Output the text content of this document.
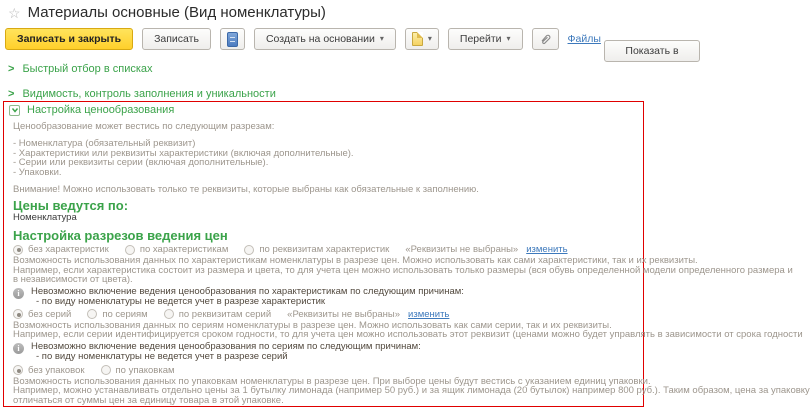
☆ Материалы основные (Вид номенклатуры)
Записать и закрыть	Записать	Создать на основании ▾	▾	Перейти ▾	Файлы
Показать в
> Быстрый отбор в списках
> Видимость, контроль заполнения и уникальности
Настройка ценообразования
Ценообразование может вестись по следующим разрезам:
- Номенклатура (обязательный реквизит)
- Характеристики или реквизиты характеристики (включая дополнительные).
- Серии или реквизиты серии (включая дополнительные).
- Упаковки.
Внимание! Можно использовать только те реквизиты, которые выбраны как обязательные к заполнению.
Цены ведутся по:
Номенклатура
Настройка разрезов ведения цен
без характеристик	по характеристикам	по реквизитам характеристик «Реквизиты не выбраны» изменить
Возможность использования данных по характеристикам номенклатуры в разрезе цен. Можно использовать как сами характеристики, так и их реквизиты.
Например, если характеристика состоит из размера и цвета, то для учета цен можно использовать только размеры (вся обувь определенной модели определенного размера и
в независимости от цвета).
i	Невозможно включение ведения ценообразования по характеристикам по следующим причинам:
- по виду номенклатуры не ведется учет в разрезе характеристик
без серий	по сериям	по реквизитам серий «Реквизиты не выбраны» изменить
Возможность использования данных по сериям номенклатуры в разрезе цен. Можно использовать как сами серии, так и их реквизиты.
Например, если серии идентифицируется сроком годности, то для учета цен можно использовать этот реквизит (ценами можно будет управлять в зависимости от срока годности
i	Невозможно включение ведения ценообразования по сериям по следующим причинам:
- по виду номенклатуры не ведется учет в разрезе серий
без упаковок	по упаковкам
Возможность использования данных по упаковкам номенклатуры в разрезе цен. При выборе цены будут вестись с указанием единиц упаковки.
Например, можно устанавливать отдельно цены за 1 бутылку лимонада (например 50 руб.) и за ящик лимонада (20 бутылок) например 800 руб.). Таким образом, цена за упаковку
отличаться от суммы цен за единицу товара в этой упаковке.
